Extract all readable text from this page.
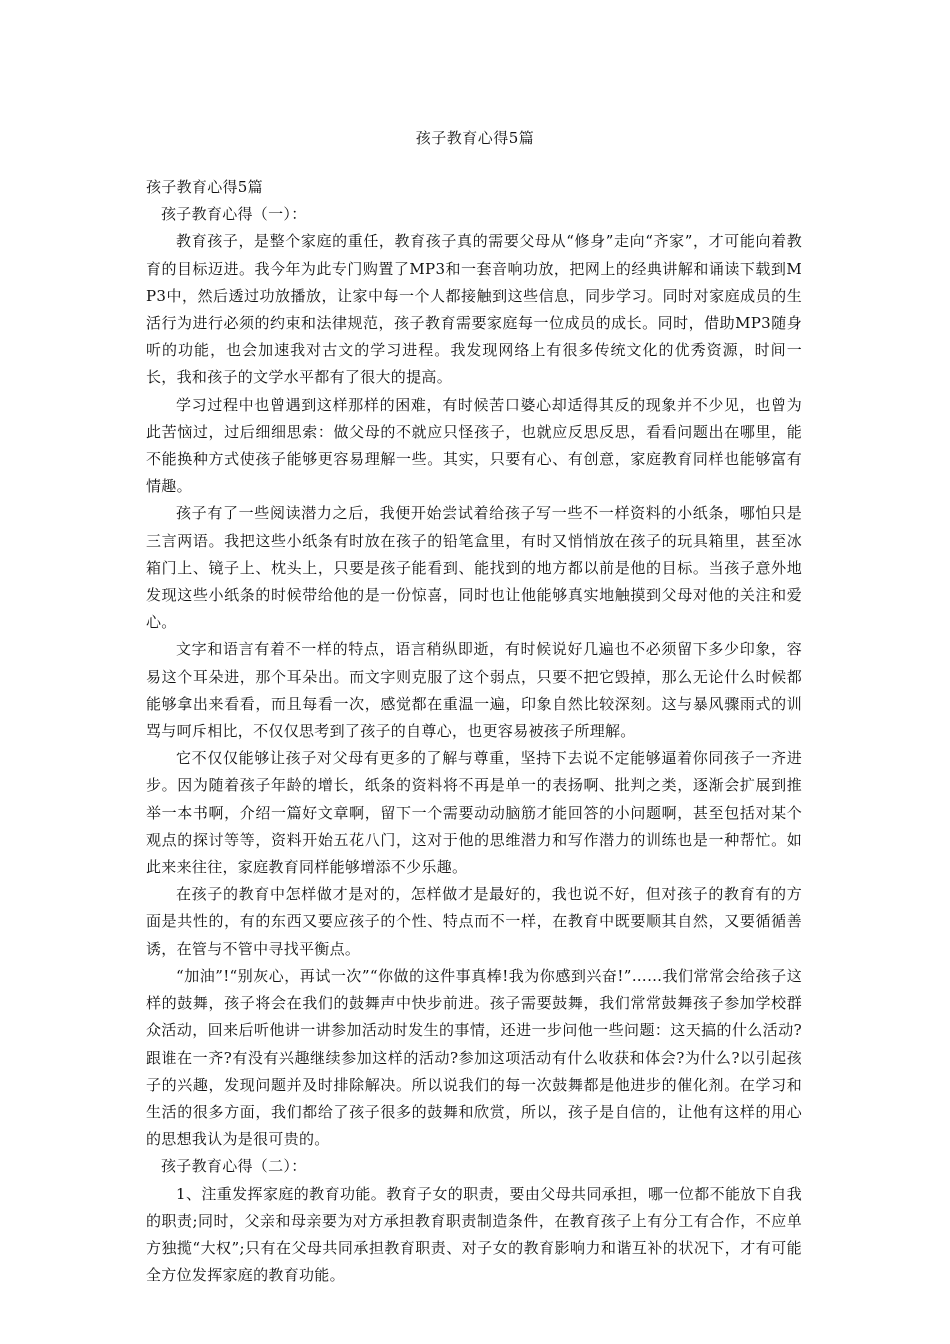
孩子教育心得5篇

孩子教育心得5篇

孩子教育心得（一）：

教育孩子，是整个家庭的重任，教育孩子真的需要父母从“修身”走向“齐家”，才可能向着教育的目标迈进。我今年为此专门购置了MP3和一套音响功放，把网上的经典讲解和诵读下载到MP3中，然后透过功放播放，让家中每一个人都接触到这些信息，同步学习。同时对家庭成员的生活行为进行必须的约束和法律规范，孩子教育需要家庭每一位成员的成长。同时，借助MP3随身听的功能，也会加速我对古文的学习进程。我发现网络上有很多传统文化的优秀资源，时间一长，我和孩子的文学水平都有了很大的提高。

学习过程中也曾遇到这样那样的困难，有时候苦口婆心却适得其反的现象并不少见，也曾为此苦恼过，过后细细思索：做父母的不就应只怪孩子，也就应反思反思，看看问题出在哪里，能不能换种方式使孩子能够更容易理解一些。其实，只要有心、有创意，家庭教育同样也能够富有情趣。

孩子有了一些阅读潜力之后，我便开始尝试着给孩子写一些不一样资料的小纸条，哪怕只是三言两语。我把这些小纸条有时放在孩子的铅笔盒里，有时又悄悄放在孩子的玩具箱里，甚至冰箱门上、镜子上、枕头上，只要是孩子能看到、能找到的地方都以前是他的目标。当孩子意外地发现这些小纸条的时候带给他的是一份惊喜，同时也让他能够真实地触摸到父母对他的关注和爱心。

文字和语言有着不一样的特点，语言稍纵即逝，有时候说好几遍也不必须留下多少印象，容易这个耳朵进，那个耳朵出。而文字则克服了这个弱点，只要不把它毁掉，那么无论什么时候都能够拿出来看看，而且每看一次，感觉都在重温一遍，印象自然比较深刻。这与暴风骤雨式的训骂与呵斥相比，不仅仅思考到了孩子的自尊心，也更容易被孩子所理解。

它不仅仅能够让孩子对父母有更多的了解与尊重，坚持下去说不定能够逼着你同孩子一齐进步。因为随着孩子年龄的增长，纸条的资料将不再是单一的表扬啊、批判之类，逐渐会扩展到推举一本书啊，介绍一篇好文章啊，留下一个需要动动脑筋才能回答的小问题啊，甚至包括对某个观点的探讨等等，资料开始五花八门，这对于他的思维潜力和写作潜力的训练也是一种帮忙。如此来来往往，家庭教育同样能够增添不少乐趣。

在孩子的教育中怎样做才是对的，怎样做才是最好的，我也说不好，但对孩子的教育有的方面是共性的，有的东西又要应孩子的个性、特点而不一样，在教育中既要顺其自然，又要循循善诱，在管与不管中寻找平衡点。

“加油”!“别灰心，再试一次”“你做的这件事真棒!我为你感到兴奋!”……我们常常会给孩子这样的鼓舞，孩子将会在我们的鼓舞声中快步前进。孩子需要鼓舞，我们常常鼓舞孩子参加学校群众活动，回来后听他讲一讲参加活动时发生的事情，还进一步问他一些问题：这天搞的什么活动?跟谁在一齐?有没有兴趣继续参加这样的活动?参加这项活动有什么收获和体会?为什么?以引起孩子的兴趣，发现问题并及时排除解决。所以说我们的每一次鼓舞都是他进步的催化剂。在学习和生活的很多方面，我们都给了孩子很多的鼓舞和欣赏，所以，孩子是自信的，让他有这样的用心的思想我认为是很可贵的。

孩子教育心得（二）：

1、注重发挥家庭的教育功能。教育子女的职责，要由父母共同承担，哪一位都不能放下自我的职责;同时，父亲和母亲要为对方承担教育职责制造条件，在教育孩子上有分工有合作，不应单方独揽“大权”;只有在父母共同承担教育职责、对子女的教育影响力和谐互补的状况下，才有可能全方位发挥家庭的教育功能。
